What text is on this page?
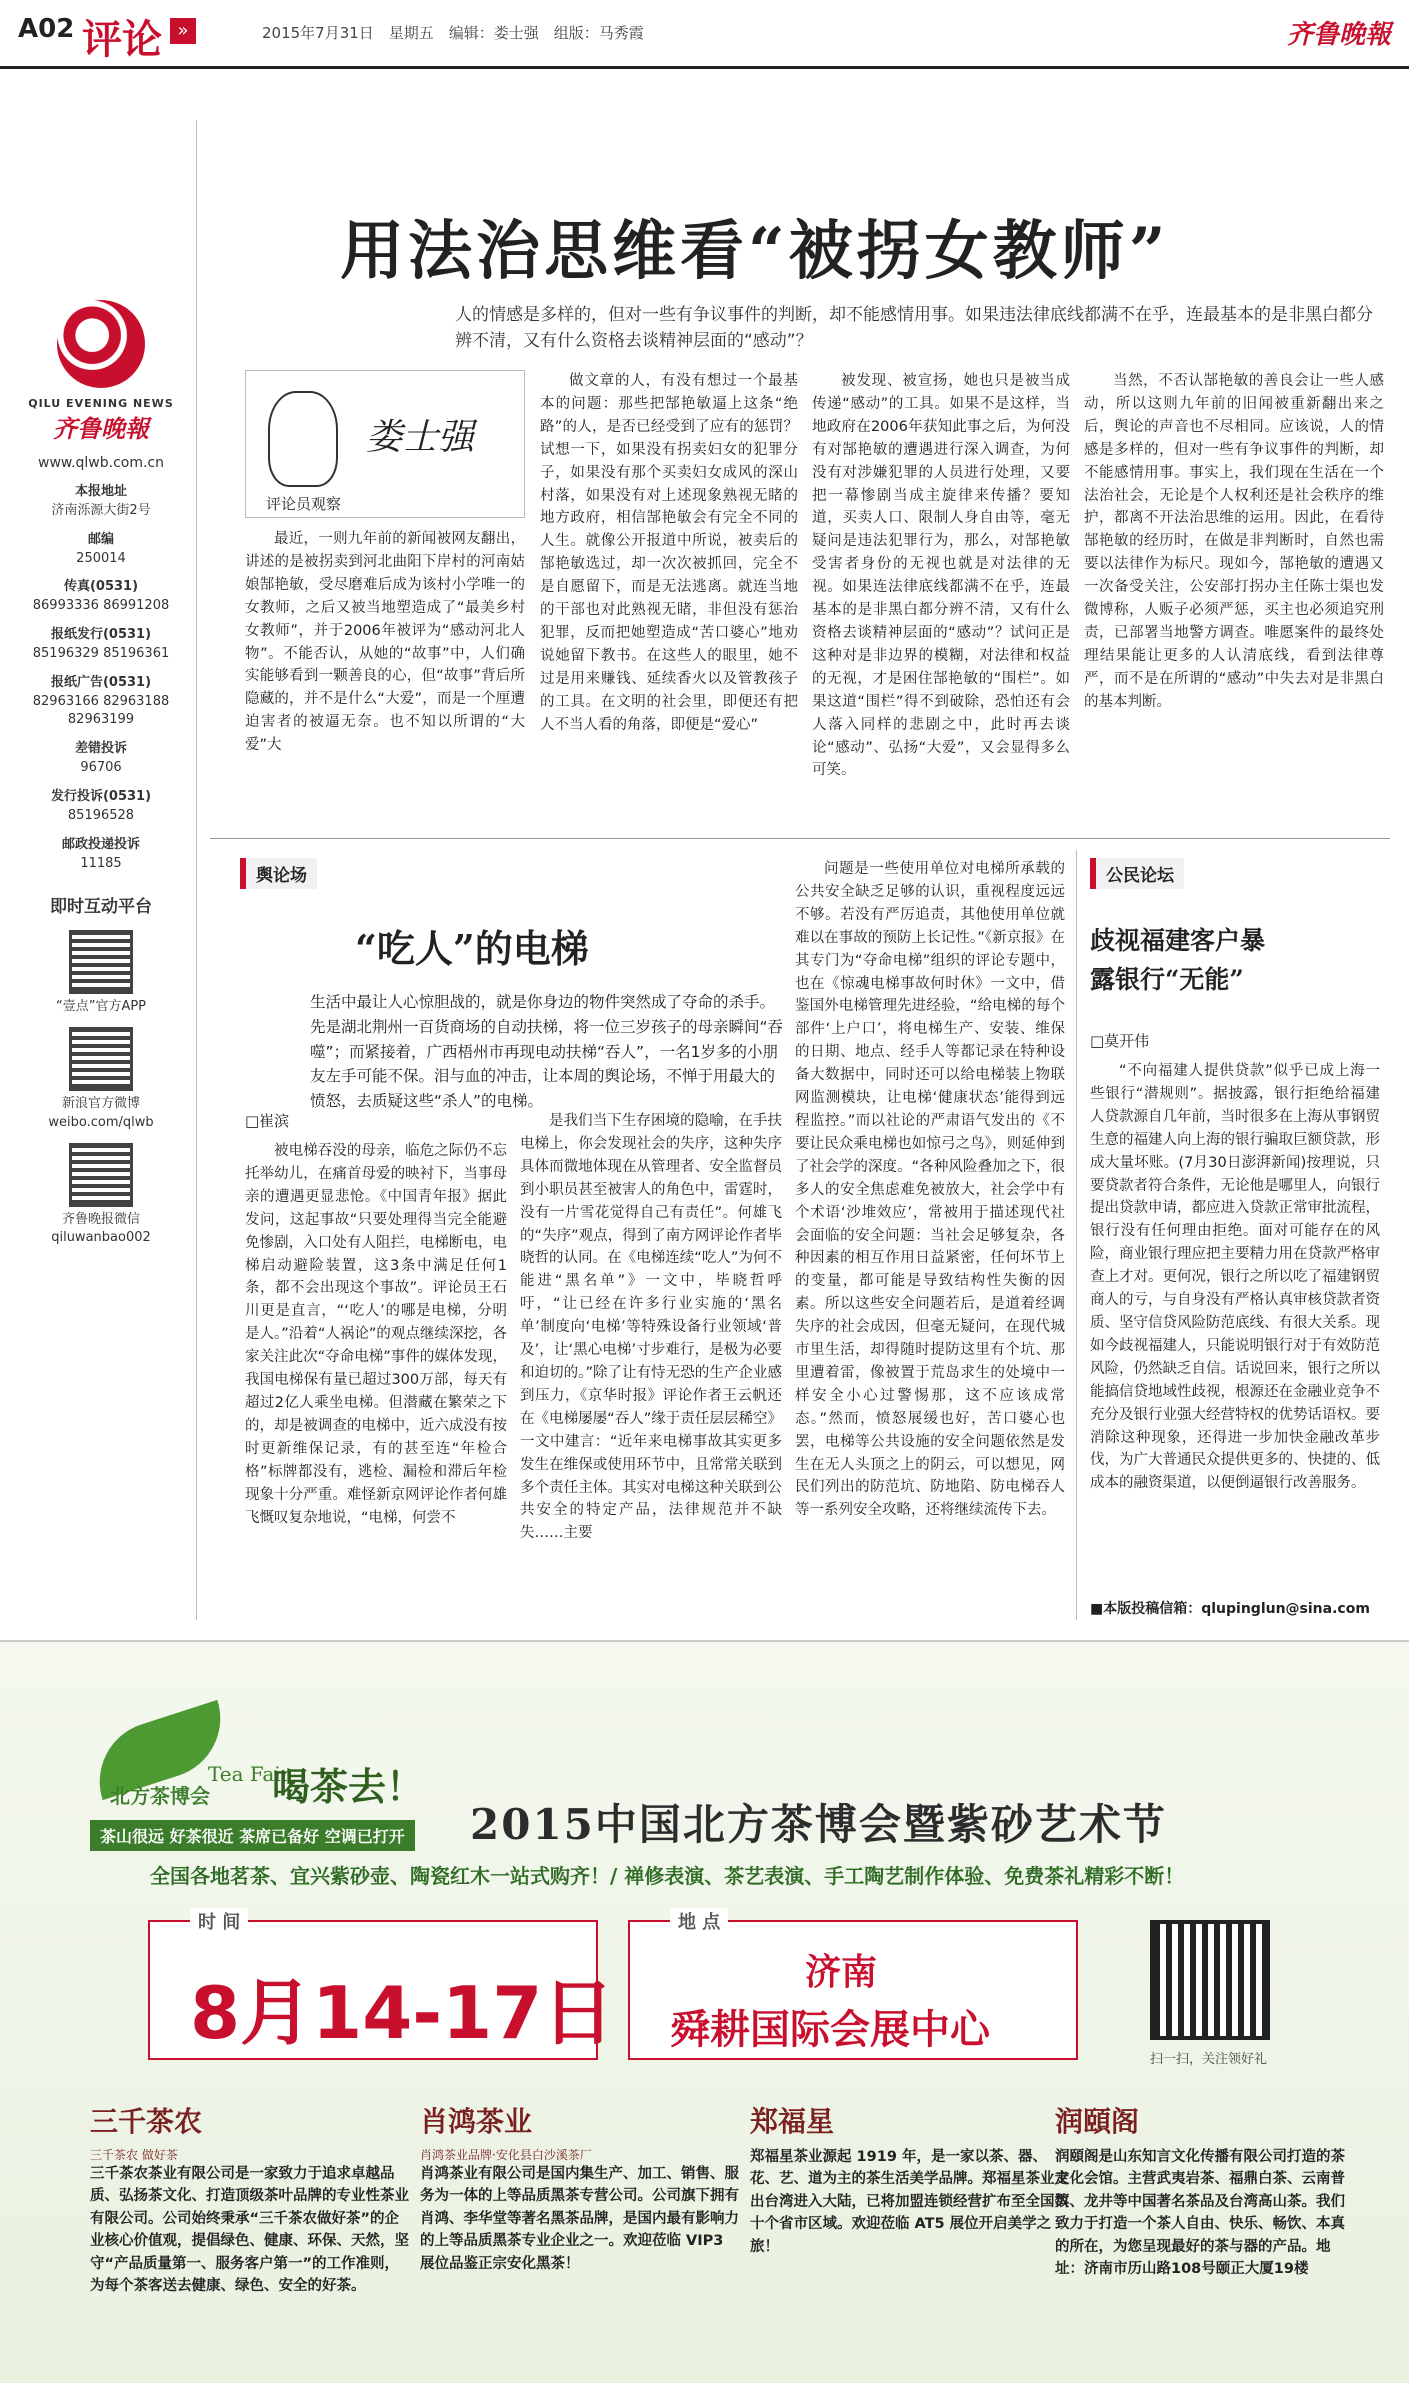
A02 评论 »	2015年7月31日　星期五　编辑：娄士强　组版：马秀霞	齐鲁晚報
QILU EVENING NEWS
齐鲁晚報
www.qlwb.com.cn
本报地址
济南泺源大街2号
邮编
250014
传真(0531)
86993336 86991208
报纸发行(0531)
85196329 85196361
报纸广告(0531)
82963166 82963188 82963199
差错投诉
96706
发行投诉(0531)
85196528
邮政投递投诉
11185
即时互动平台
“壹点”官方APP
新浪官方微博 weibo.com/qlwb
齐鲁晚报微信 qiluwanbao002
用法治思维看“被拐女教师”
人的情感是多样的，但对一些有争议事件的判断，却不能感情用事。如果违法律底线都满不在乎，连最基本的是非黑白都分辨不清，又有什么资格去谈精神层面的“感动”？
娄士强
评论员观察

最近，一则九年前的新闻被网友翻出，讲述的是被拐卖到河北曲阳下岸村的河南姑娘郜艳敏，受尽磨难后成为该村小学唯一的女教师，之后又被当地塑造成了“最美乡村女教师”，并于2006年被评为“感动河北人物”。不能否认，从她的“故事”中，人们确实能够看到一颗善良的心，但“故事”背后所隐藏的，并不是什么“大爱”，而是一个厘遭迫害者的被逼无奈。也不知以所谓的“大爱”大

做文章的人，有没有想过一个最基本的问题：那些把郜艳敏逼上这条“绝路”的人，是否已经受到了应有的惩罚？试想一下，如果没有拐卖妇女的犯罪分子，如果没有那个买卖妇女成风的深山村落，如果没有对上述现象熟视无睹的地方政府，相信郜艳敏会有完全不同的人生。就像公开报道中所说，被卖后的郜艳敏选过，却一次次被抓回，完全不是自愿留下，而是无法逃离。就连当地的干部也对此熟视无睹，非但没有惩治犯罪，反而把她塑造成“苦口婆心”地劝说她留下教书。在这些人的眼里，她不过是用来赚钱、延续香火以及管教孩子的工具。在文明的社会里，即便还有把人不当人看的角落，即便是“爱心”

被发现、被宣扬，她也只是被当成传递“感动”的工具。如果不是这样，当地政府在2006年获知此事之后，为何没有对郜艳敏的遭遇进行深入调查，为何没有对涉嫌犯罪的人员进行处理，又要把一幕惨剧当成主旋律来传播？要知道，买卖人口、限制人身自由等，毫无疑问是违法犯罪行为，那么，对郜艳敏受害者身份的无视也就是对法律的无视。如果连法律底线都满不在乎，连最基本的是非黑白都分辨不清，又有什么资格去谈精神层面的“感动”？试问正是这种对是非边界的模糊，对法律和权益的无视，才是困住郜艳敏的“围栏”。如果这道“围栏”得不到破除，恐怕还有会人落入同样的悲剧之中，此时再去谈论“感动”、弘扬“大爱”，又会显得多么可笑。

当然，不否认郜艳敏的善良会让一些人感动，所以这则九年前的旧闻被重新翻出来之后，舆论的声音也不尽相同。应该说，人的情感是多样的，但对一些有争议事件的判断，却不能感情用事。事实上，我们现在生活在一个法治社会，无论是个人权利还是社会秩序的维护，都离不开法治思维的运用。因此，在看待郜艳敏的经历时，在做是非判断时，自然也需要以法律作为标尺。现如今，郜艳敏的遭遇又一次备受关注，公安部打拐办主任陈士渠也发微博称，人贩子必须严惩，买主也必须追究刑责，已部署当地警方调查。唯愿案件的最终处理结果能让更多的人认清底线，看到法律尊严，而不是在所谓的“感动”中失去对是非黑白的基本判断。

舆论场
“吃人”的电梯
生活中最让人心惊胆战的，就是你身边的物件突然成了夺命的杀手。先是湖北荆州一百货商场的自动扶梯，将一位三岁孩子的母亲瞬间“吞噬”；而紧接着，广西梧州市再现电动扶梯“吞人”，一名1岁多的小朋友左手可能不保。泪与血的冲击，让本周的舆论场，不惮于用最大的愤怒，去质疑这些“杀人”的电梯。
□崔滨

被电梯吞没的母亲，临危之际仍不忘托举幼儿，在痛首母爱的映衬下，当事母亲的遭遇更显悲怆。《中国青年报》据此发问，这起事故“只要处理得当完全能避免惨剧，入口处有人阻拦，电梯断电，电梯启动避险装置，这3条中满足任何1条，都不会出现这个事故”。评论员王石川更是直言，“‘吃人’的哪是电梯，分明是人。”沿着“人祸论”的观点继续深挖，各家关注此次“夺命电梯”事件的媒体发现，我国电梯保有量已超过300万部，每天有超过2亿人乘坐电梯。但潜藏在繁荣之下的，却是被调查的电梯中，近六成没有按时更新维保记录，有的甚至连“年检合格”标牌都没有，逃检、漏检和滞后年检现象十分严重。难怪新京网评论作者何雄飞慨叹复杂地说，“电梯，何尝不

是我们当下生存困境的隐喻，在手扶电梯上，你会发现社会的失序，这种失序具体而微地体现在从管理者、安全监督员到小职员甚至被害人的角色中，雷霆时，没有一片雪花觉得自己有责任”。何雄飞的“失序”观点，得到了南方网评论作者毕晓哲的认同。在《电梯连续“吃人”为何不能进“黑名单”》一文中，毕晓哲呼吁，“让已经在许多行业实施的‘黑名单’制度向‘电梯’等特殊设备行业领域‘普及’，让‘黑心电梯’寸步难行，是极为必要和迫切的。”除了让有恃无恐的生产企业感到压力，《京华时报》评论作者王云帆还在《电梯屡屡“吞人”缘于责任层层稀空》一文中建言：“近年来电梯事故其实更多发生在维保或使用环节中，且常常关联到多个责任主体。其实对电梯这种关联到公共安全的特定产品，法律规范并不缺失……主要

问题是一些使用单位对电梯所承载的公共安全缺乏足够的认识，重视程度远远不够。若没有严厉追责，其他使用单位就难以在事故的预防上长记性。”《新京报》在其专门为“夺命电梯”组织的评论专题中，也在《惊魂电梯事故何时休》一文中，借鉴国外电梯管理先进经验，“给电梯的每个部件‘上户口’，将电梯生产、安装、维保的日期、地点、经手人等都记录在特种设备大数据中，同时还可以给电梯装上物联网监测模块，让电梯‘健康状态’能得到远程监控。”而以社论的严肃语气发出的《不要让民众乘电梯也如惊弓之鸟》，则延伸到了社会学的深度。“各种风险叠加之下，很多人的安全焦虑难免被放大，社会学中有个术语‘沙堆效应’，常被用于描述现代社会面临的安全问题：当社会足够复杂，各种因素的相互作用日益紧密，任何坏节上的变量，都可能是导致结构性失衡的因素。所以这些安全问题若后，是道着经调失序的社会成因，但毫无疑问，在现代城市里生活，却得随时提防这里有个坑、那里遭着雷，像被置于荒岛求生的处境中一样安全小心过警惕那，这不应该成常态。”然而，愤怒展缓也好，苦口婆心也罢，电梯等公共设施的安全问题依然是发生在无人头顶之上的阴云，可以想见，网民们列出的防范坑、防地陷、防电梯吞人等一系列安全攻略，还将继续流传下去。

公民论坛
歧视福建客户暴露银行“无能”
□莫开伟

“不向福建人提供贷款”似乎已成上海一些银行“潜规则”。据披露，银行拒绝给福建人贷款源自几年前，当时很多在上海从事钢贸生意的福建人向上海的银行骗取巨额贷款，形成大量坏账。(7月30日澎湃新闻)按理说，只要贷款者符合条件，无论他是哪里人，向银行提出贷款申请，都应进入贷款正常审批流程，银行没有任何理由拒绝。面对可能存在的风险，商业银行理应把主要精力用在贷款严格审查上才对。更何况，银行之所以吃了福建钢贸商人的亏，与自身没有严格认真审核贷款者资质、坚守信贷风险防范底线、有很大关系。现如今歧视福建人，只能说明银行对于有效防范风险，仍然缺乏自信。话说回来，银行之所以能搞信贷地域性歧视，根源还在金融业竞争不充分及银行业强大经营特权的优势话语权。要消除这种现象，还得进一步加快金融改革步伐，为广大普通民众提供更多的、快捷的、低成本的融资渠道，以便倒逼银行改善服务。

■本版投稿信箱：qlupinglun@sina.com
Tea Fair
北方茶博会 喝茶去！
茶山很远 好茶很近 茶席已备好 空调已打开 2015中国北方茶博会暨紫砂艺术节
全国各地茗茶、宜兴紫砂壶、陶瓷红木一站式购齐！/ 禅修表演、茶艺表演、手工陶艺制作体验、免费茶礼精彩不断！
时 间	地 点
8月14-17日	济南
舜耕国际会展中心
扫一扫，关注领好礼
三千茶农
三千茶农 做好茶
三千茶农茶业有限公司是一家致力于追求卓越品质、弘扬茶文化、打造顶级茶叶品牌的专业性茶业有限公司。公司始终秉承“三千茶农做好茶”的企业核心价值观，提倡绿色、健康、环保、天然，坚守“产品质量第一、服务客户第一”的工作准则，为每个茶客送去健康、绿色、安全的好茶。
肖鸿茶业
肖鸿茶业品牌·安化县白沙溪茶厂
肖鸿茶业有限公司是国内集生产、加工、销售、服务为一体的上等品质黑茶专营公司。公司旗下拥有肖鸿、李华堂等著名黑茶品牌，是国内最有影响力的上等品质黑茶专业企业之一。欢迎莅临 VIP3 展位品鉴正宗安化黑茶！
郑福星
郑福星茶业源起 1919 年，是一家以茶、器、花、艺、道为主的茶生活美学品牌。郑福星茶业走出台湾进入大陆，已将加盟连锁经营扩布至全国数十个省市区域。欢迎莅临 AT5 展位开启美学之旅！
润頤阁
润頤阁是山东知言文化传播有限公司打造的茶文化会馆。主营武夷岩茶、福鼎白茶、云南普洱、龙井等中国著名茶品及台湾高山茶。我们致力于打造一个茶人自由、快乐、畅饮、本真的所在，为您呈现最好的茶与器的产品。地址：济南市历山路108号颐正大厦19楼
